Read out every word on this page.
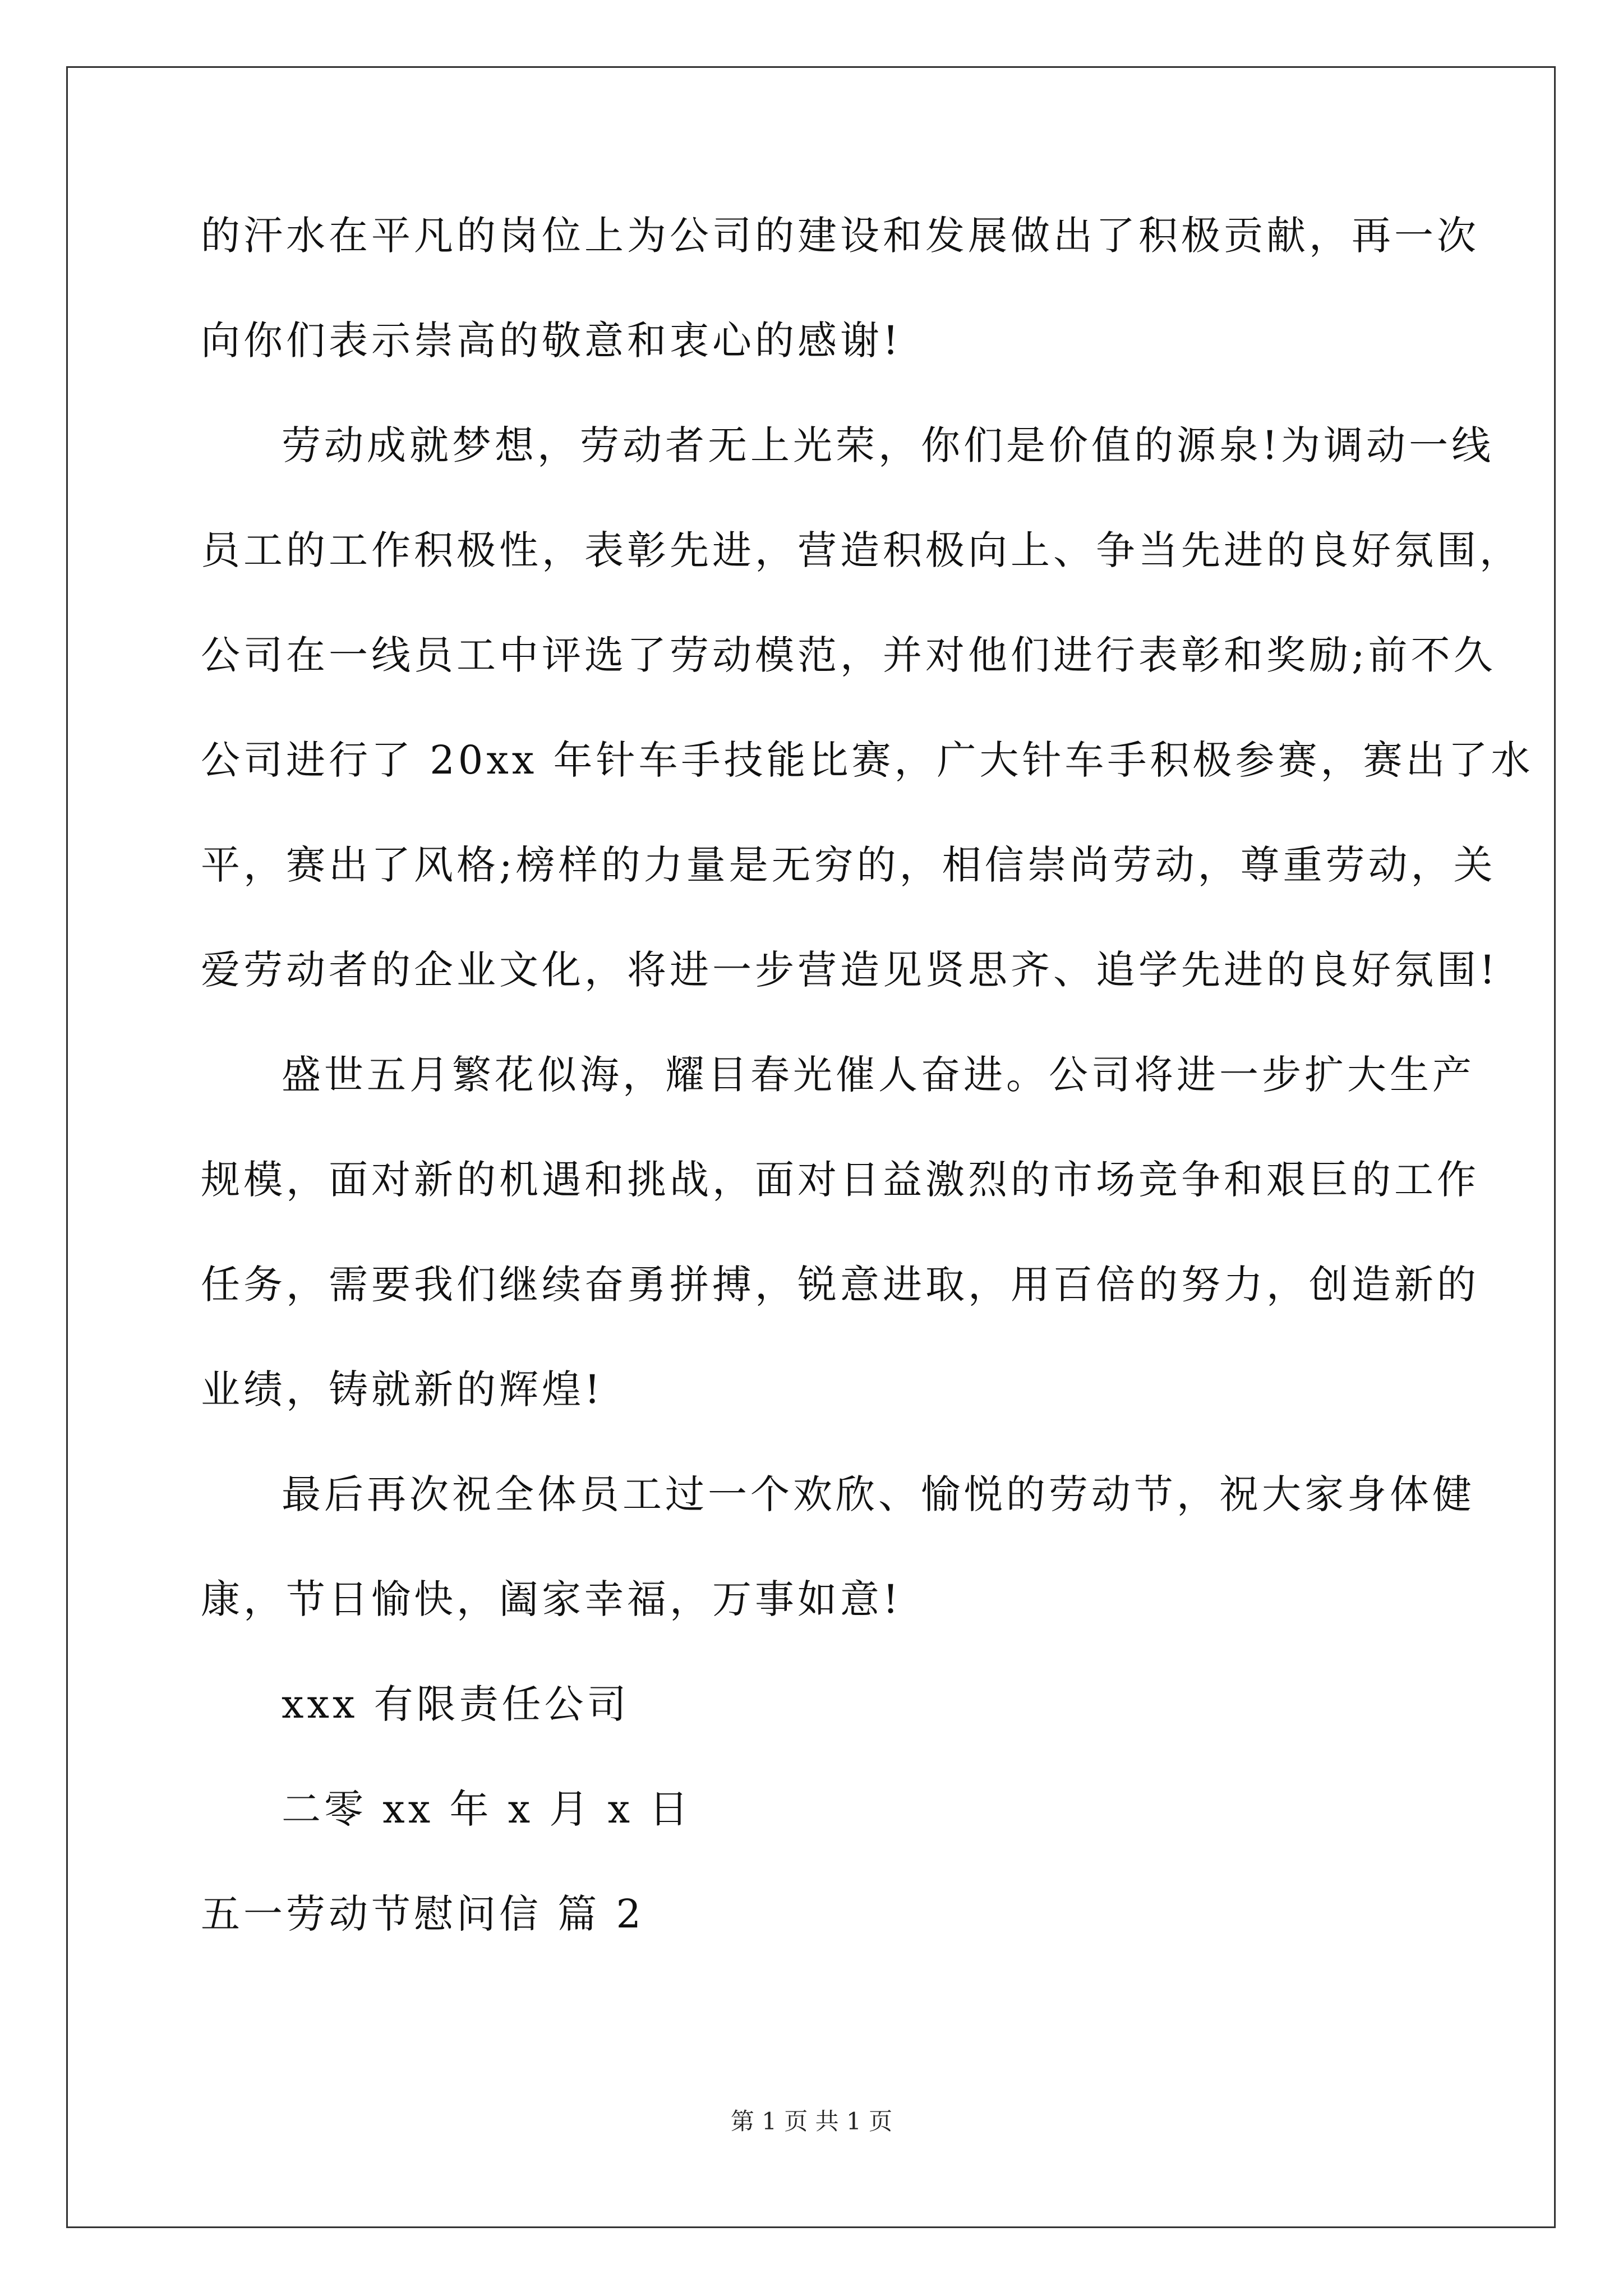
的汗水在平凡的岗位上为公司的建设和发展做出了积极贡献，再一次
向你们表示崇高的敬意和衷心的感谢!
劳动成就梦想，劳动者无上光荣，你们是价值的源泉!为调动一线
员工的工作积极性，表彰先进，营造积极向上、争当先进的良好氛围，
公司在一线员工中评选了劳动模范，并对他们进行表彰和奖励;前不久
公司进行了 20xx 年针车手技能比赛，广大针车手积极参赛，赛出了水
平，赛出了风格;榜样的力量是无穷的，相信崇尚劳动，尊重劳动，关
爱劳动者的企业文化，将进一步营造见贤思齐、追学先进的良好氛围!
盛世五月繁花似海，耀目春光催人奋进。公司将进一步扩大生产
规模，面对新的机遇和挑战，面对日益激烈的市场竞争和艰巨的工作
任务，需要我们继续奋勇拼搏，锐意进取，用百倍的努力，创造新的
业绩，铸就新的辉煌!
最后再次祝全体员工过一个欢欣、愉悦的劳动节，祝大家身体健
康，节日愉快，阖家幸福，万事如意!
xxx 有限责任公司
二零 xx 年 x 月 x 日
五一劳动节慰问信 篇 2
第 1 页 共 1 页
